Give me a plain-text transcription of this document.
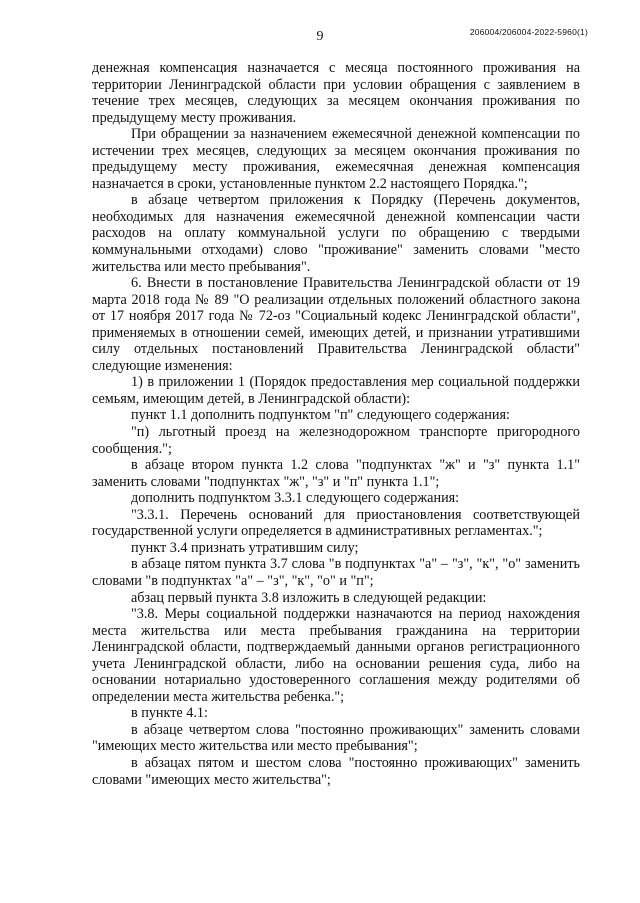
9	206004/206004-2022-5960(1)

денежная компенсация назначается с месяца постоянного проживания на территории Ленинградской области при условии обращения с заявлением в течение трех месяцев, следующих за месяцем окончания проживания по предыдущему месту проживания.

При обращении за назначением ежемесячной денежной компенсации по истечении трех месяцев, следующих за месяцем окончания проживания по предыдущему месту проживания, ежемесячная денежная компенсация назначается в сроки, установленные пунктом 2.2 настоящего Порядка.";

в абзаце четвертом приложения к Порядку (Перечень документов, необходимых для назначения ежемесячной денежной компенсации части расходов на оплату коммунальной услуги по обращению с твердыми коммунальными отходами) слово "проживание" заменить словами "место жительства или место пребывания".

6. Внести в постановление Правительства Ленинградской области от 19 марта 2018 года № 89 "О реализации отдельных положений областного закона от 17 ноября 2017 года № 72-оз "Социальный кодекс Ленинградской области", применяемых в отношении семей, имеющих детей, и признании утратившими силу отдельных постановлений Правительства Ленинградской области" следующие изменения:

1) в приложении 1 (Порядок предоставления мер социальной поддержки семьям, имеющим детей, в Ленинградской области):

пункт 1.1 дополнить подпунктом "п" следующего содержания:

"п) льготный проезд на железнодорожном транспорте пригородного сообщения.";

в абзаце втором пункта 1.2 слова "подпунктах "ж" и "з" пункта 1.1" заменить словами "подпунктах "ж", "з" и "п" пункта 1.1";

дополнить подпунктом 3.3.1 следующего содержания:

"3.3.1. Перечень оснований для приостановления соответствующей государственной услуги определяется в административных регламентах.";

пункт 3.4 признать утратившим силу;

в абзаце пятом пункта 3.7 слова "в подпунктах "а" – "з", "к", "о" заменить словами "в подпунктах "а" – "з", "к", "о" и "п";

абзац первый пункта 3.8 изложить в следующей редакции:

"3.8. Меры социальной поддержки назначаются на период нахождения места жительства или места пребывания гражданина на территории Ленинградской области, подтверждаемый данными органов регистрационного учета Ленинградской области, либо на основании решения суда, либо на основании нотариально удостоверенного соглашения между родителями об определении места жительства ребенка.";

в пункте 4.1:

в абзаце четвертом слова "постоянно проживающих" заменить словами "имеющих место жительства или место пребывания";

в абзацах пятом и шестом слова "постоянно проживающих" заменить словами "имеющих место жительства";
